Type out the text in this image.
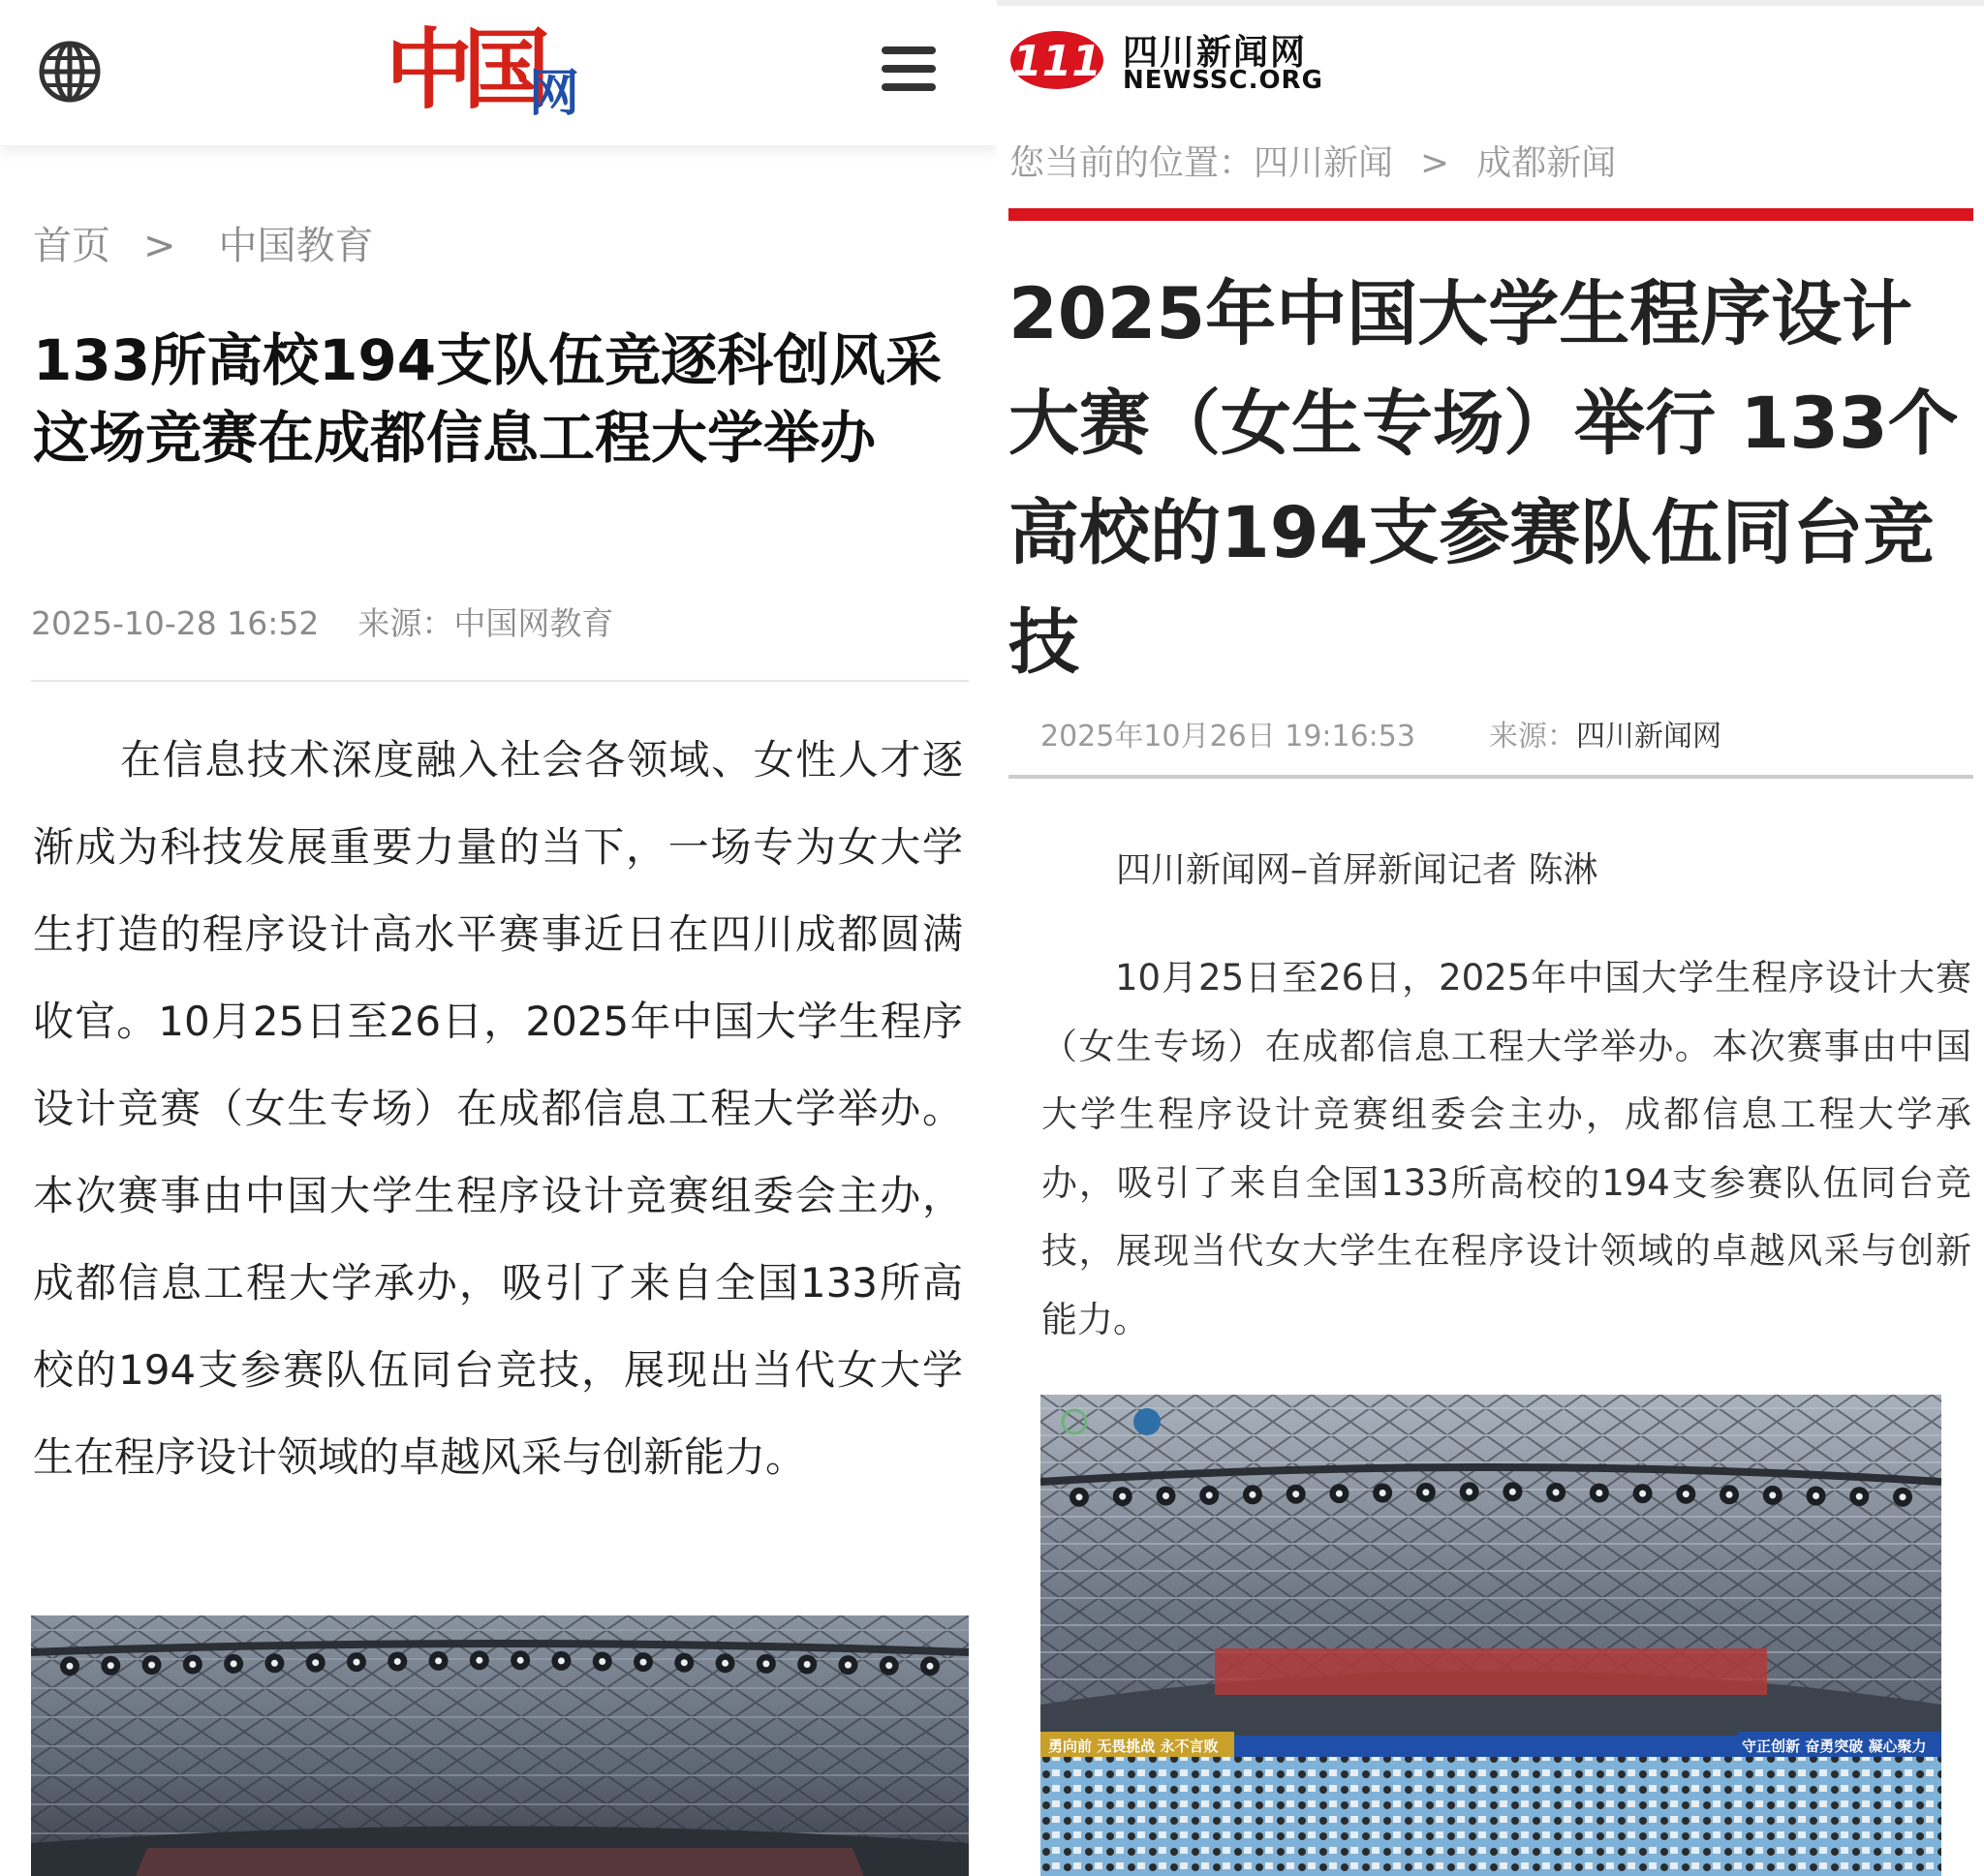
中国
网
首页 > 中国教育
133所高校194支队伍竞逐科创风采 这场竞赛在成都信息工程大学举办
2025-10-28 16:52 来源：中国网教育
在信息技术深度融入社会各领域、女性人才逐渐成为科技发展重要力量的当下，一场专为女大学生打造的程序设计高水平赛事近日在四川成都圆满收官。10月25日至26日，2025年中国大学生程序设计竞赛（女生专场）在成都信息工程大学举办。本次赛事由中国大学生程序设计竞赛组委会主办，成都信息工程大学承办，吸引了来自全国133所高校的194支参赛队伍同台竞技，展现出当代女大学生在程序设计领域的卓越风采与创新能力。
111 四川新闻网
NEWSSC.ORG
您当前的位置：四川新闻 > 成都新闻
2025年中国大学生程序设计大赛（女生专场）举行 133个高校的194支参赛队伍同台竞技
2025年10月26日 19:16:53	来源：四川新闻网
四川新闻网–首屏新闻记者 陈淋
10月25日至26日，2025年中国大学生程序设计大赛（女生专场）在成都信息工程大学举办。本次赛事由中国大学生程序设计竞赛组委会主办，成都信息工程大学承办，吸引了来自全国133所高校的194支参赛队伍同台竞技，展现当代女大学生在程序设计领域的卓越风采与创新能力。
勇向前 无畏挑战 永不言败	守正创新 奋勇突破 凝心聚力
